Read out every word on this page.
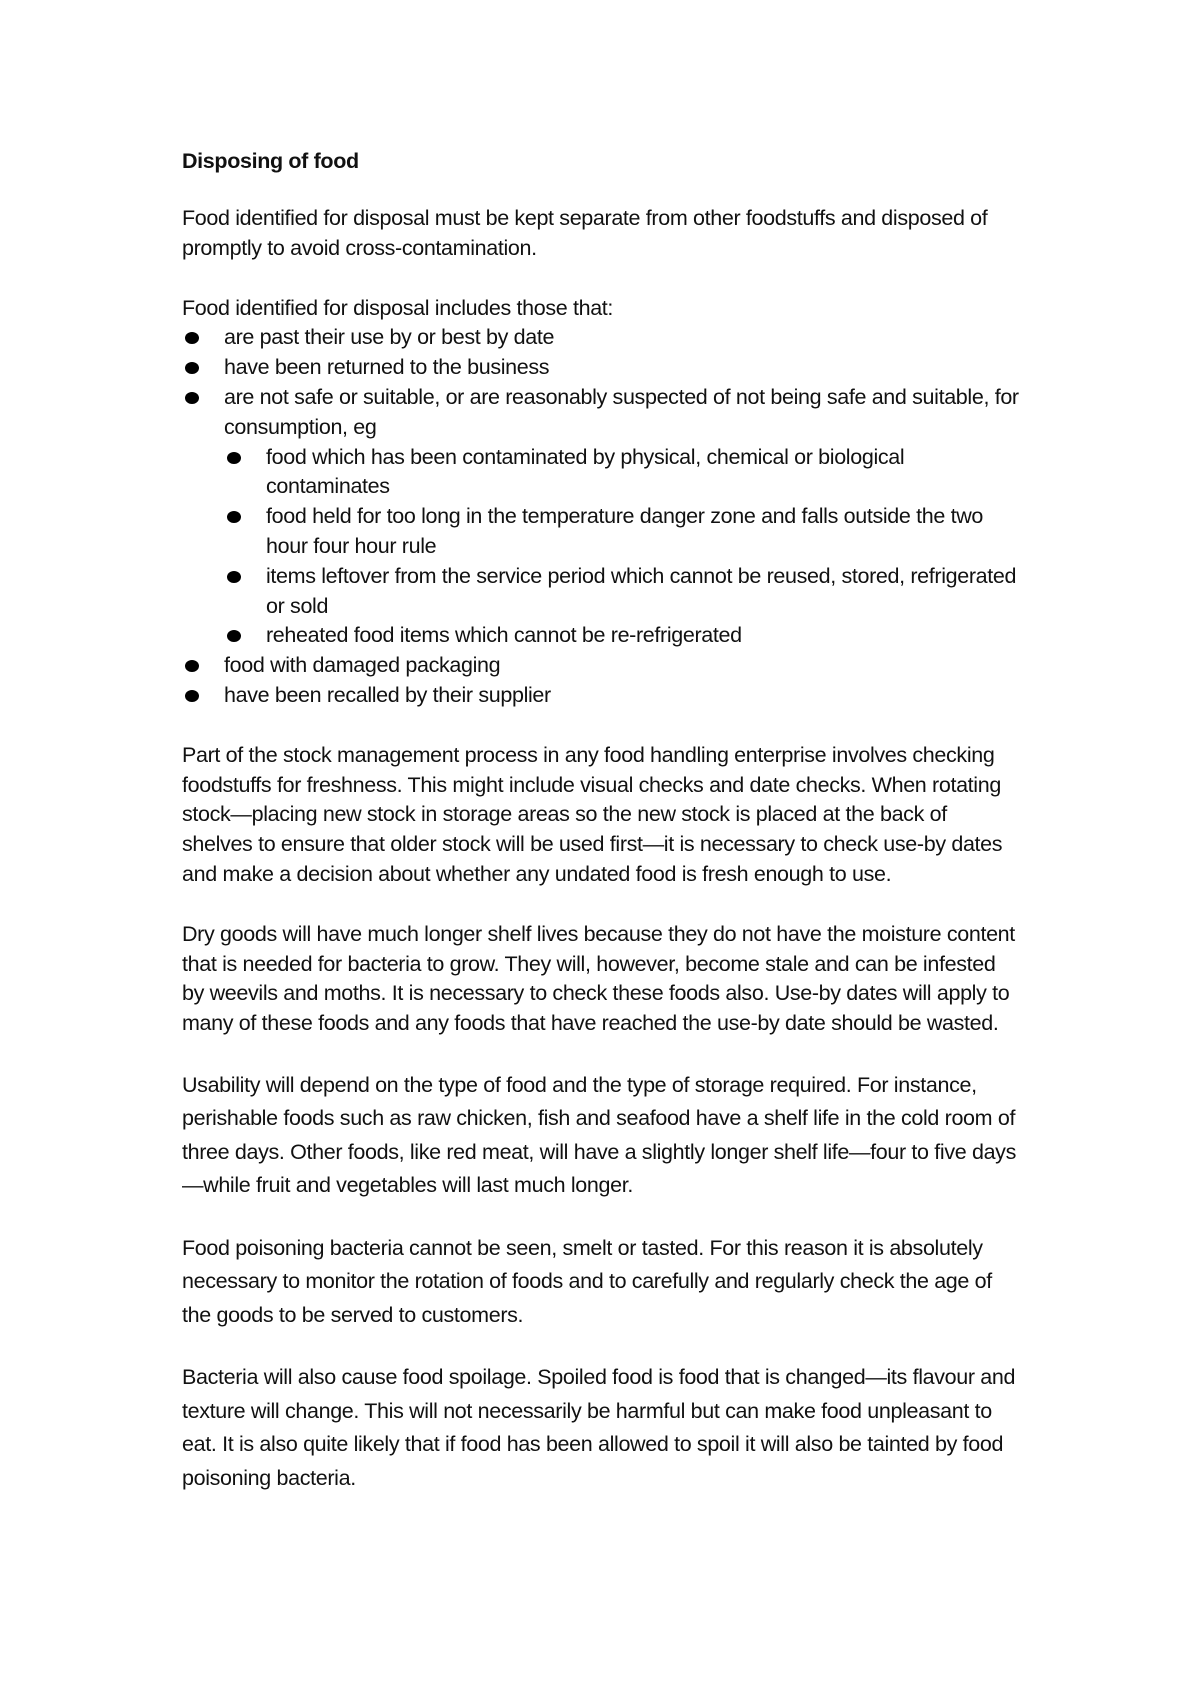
Disposing of food

Food identified for disposal must be kept separate from other foodstuffs and disposed of promptly to avoid cross-contamination.

Food identified for disposal includes those that:

are past their use by or best by date
have been returned to the business
are not safe or suitable, or are reasonably suspected of not being safe and suitable, for consumption, eg
food which has been contaminated by physical, chemical or biological contaminates
food held for too long in the temperature danger zone and falls outside the two hour four hour rule
items leftover from the service period which cannot be reused, stored, refrigerated or sold
reheated food items which cannot be re-refrigerated
food with damaged packaging
have been recalled by their supplier

Part of the stock management process in any food handling enterprise involves checking foodstuffs for freshness. This might include visual checks and date checks. When rotating stock—placing new stock in storage areas so the new stock is placed at the back of shelves to ensure that older stock will be used first—it is necessary to check use-by dates and make a decision about whether any undated food is fresh enough to use.

Dry goods will have much longer shelf lives because they do not have the moisture content that is needed for bacteria to grow. They will, however, become stale and can be infested by weevils and moths. It is necessary to check these foods also. Use-by dates will apply to many of these foods and any foods that have reached the use-by date should be wasted.

Usability will depend on the type of food and the type of storage required. For instance, perishable foods such as raw chicken, fish and seafood have a shelf life in the cold room of three days. Other foods, like red meat, will have a slightly longer shelf life—four to five days—while fruit and vegetables will last much longer.

Food poisoning bacteria cannot be seen, smelt or tasted. For this reason it is absolutely necessary to monitor the rotation of foods and to carefully and regularly check the age of the goods to be served to customers.

Bacteria will also cause food spoilage. Spoiled food is food that is changed—its flavour and texture will change. This will not necessarily be harmful but can make food unpleasant to eat. It is also quite likely that if food has been allowed to spoil it will also be tainted by food poisoning bacteria.
